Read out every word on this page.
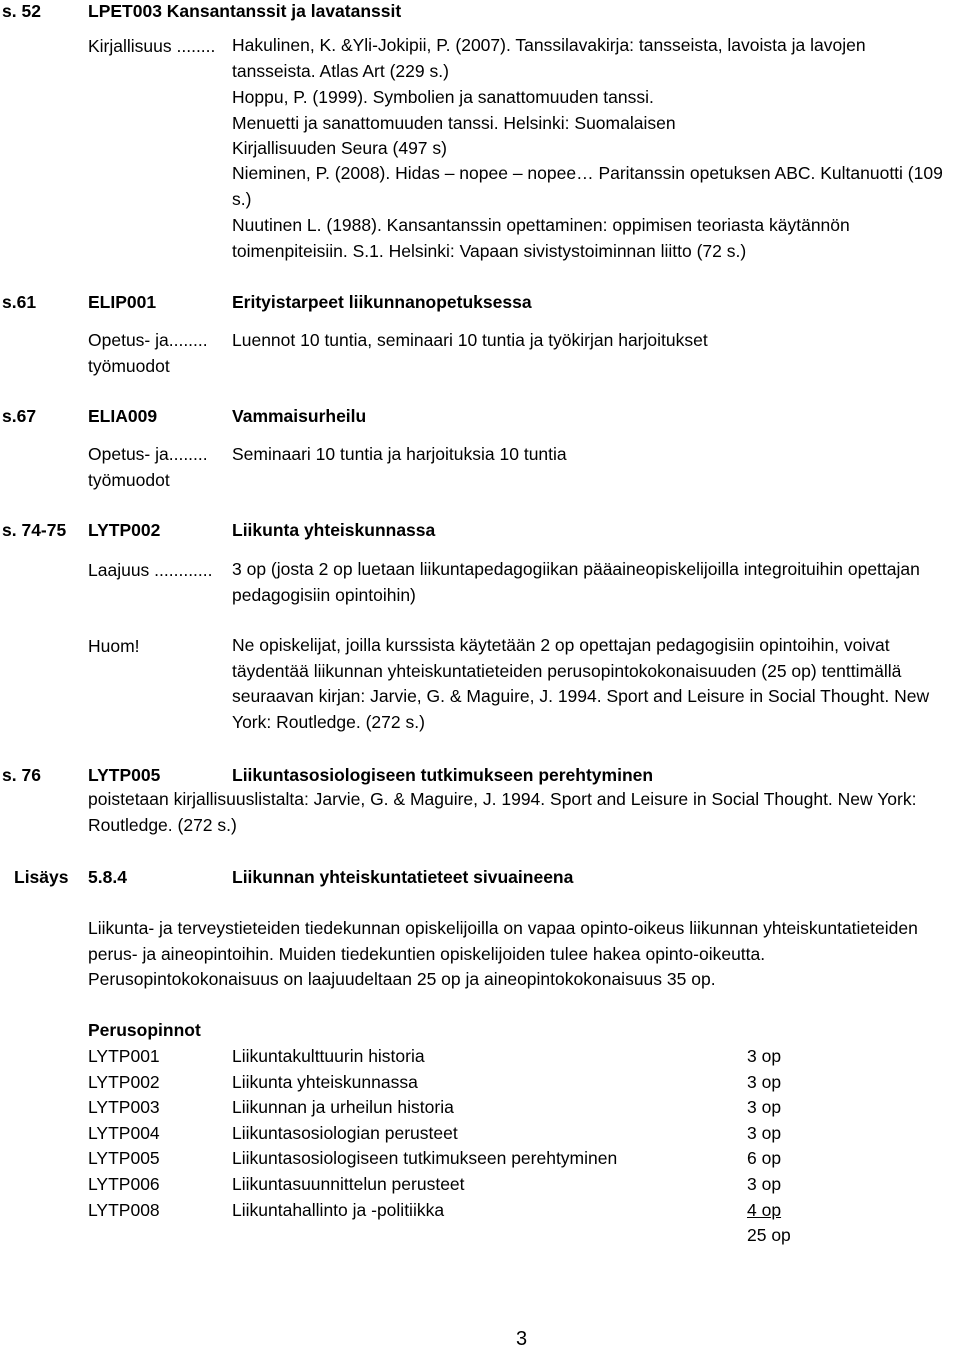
s. 52	LPET003 Kansantanssit ja lavatanssit
Kirjallisuus ........ Hakulinen, K. &Yli-Jokipii, P. (2007). Tanssilavakirja: tansseista, lavoista ja lavojen tansseista. Atlas Art (229 s.)
Hoppu, P. (1999). Symbolien ja sanattomuuden tanssi. Menuetti ja sanattomuuden tanssi. Helsinki: Suomalaisen Kirjallisuuden Seura (497 s)
Nieminen, P. (2008). Hidas – nopee – nopee… Paritanssin opetuksen ABC. Kultanuotti (109 s.)
Nuutinen L. (1988). Kansantanssin opettaminen: oppimisen teoriasta käytännön toimenpiteisiin. S.1. Helsinki: Vapaan sivistystoiminnan liitto (72 s.)
s.61	ELIP001	Erityistarpeet liikunnanopetuksessa
Opetus- ja........
työmuodot
Luennot 10 tuntia, seminaari 10 tuntia ja työkirjan harjoitukset
s.67	ELIA009	Vammaisurheilu
Opetus- ja........
työmuodot
Seminaari 10 tuntia ja harjoituksia 10 tuntia
s. 74-75 LYTP002	Liikunta yhteiskunnassa
Laajuus ............ 3 op (josta 2 op luetaan liikuntapedagogiikan pääaineopiskelijoilla integroituihin opettajan pedagogisiin opintoihin)
Huom!	Ne opiskelijat, joilla kurssista käytetään 2 op opettajan pedagogisiin opintoihin, voivat täydentää liikunnan yhteiskuntatieteiden perusopintokokonaisuuden (25 op) tenttimällä seuraavan kirjan: Jarvie, G. & Maguire, J. 1994. Sport and Leisure in Social Thought. New York: Routledge. (272 s.)
s. 76	LYTP005	Liikuntasosiologiseen tutkimukseen perehtyminen
poistetaan kirjallisuuslistalta: Jarvie, G. & Maguire, J. 1994. Sport and Leisure in Social Thought. New York: Routledge. (272 s.)
Lisäys 5.8.4	Liikunnan yhteiskuntatieteet sivuaineena
Liikunta- ja terveystieteiden tiedekunnan opiskelijoilla on vapaa opinto-oikeus liikunnan yhteiskuntatieteiden perus- ja aineopintoihin. Muiden tiedekuntien opiskelijoiden tulee hakea opinto-oikeutta. Perusopintokokonaisuus on laajuudeltaan 25 op ja aineopintokokonaisuus 35 op.
Perusopinnot
LYTP001	Liikuntakulttuurin historia	3 op
LYTP002	Liikunta yhteiskunnassa	3 op
LYTP003	Liikunnan ja urheilun historia	3 op
LYTP004	Liikuntasosiologian perusteet	3 op
LYTP005	Liikuntasosiologiseen tutkimukseen perehtyminen	6 op
LYTP006	Liikuntasuunnittelun perusteet	3 op
LYTP008	Liikuntahallinto ja -politiikka	4 op
25 op
3
